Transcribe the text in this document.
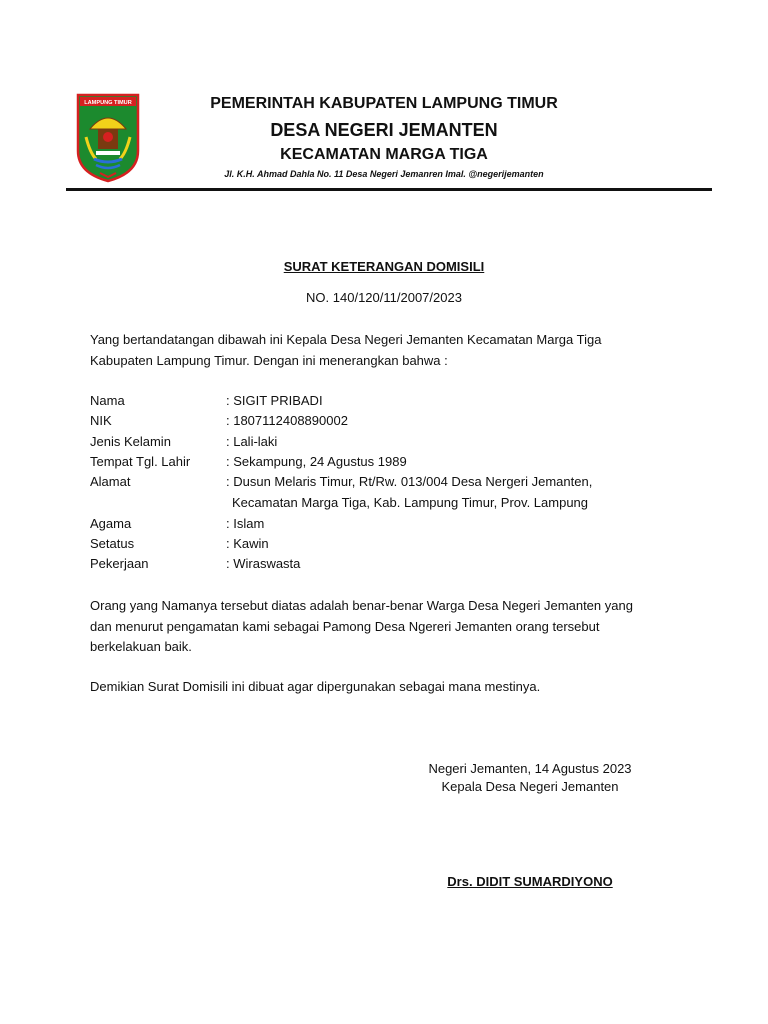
LAMPUNG TIMUR	PEMERINTAH KABUPATEN LAMPUNG TIMUR
DESA NEGERI JEMANTEN
KECAMATAN MARGA TIGA
Jl. K.H. Ahmad Dahla No. 11 Desa Negeri Jemanren Imal. @negerijemanten
SURAT KETERANGAN DOMISILI
NO. 140/120/11/2007/2023
Yang bertandatangan dibawah ini Kepala Desa Negeri Jemanten Kecamatan Marga Tiga
Kabupaten Lampung Timur. Dengan ini menerangkan bahwa :
Nama	: SIGIT PRIBADI
NIK	: 1807112408890002
Jenis Kelamin	: Lali-laki
Tempat Tgl. Lahir	: Sekampung, 24 Agustus 1989
Alamat	: Dusun Melaris Timur, Rt/Rw. 013/004 Desa Nergeri Jemanten,
Kecamatan Marga Tiga, Kab. Lampung Timur, Prov. Lampung
Agama	: Islam
Setatus	: Kawin
Pekerjaan	: Wiraswasta
Orang yang Namanya tersebut diatas adalah benar-benar Warga Desa Negeri Jemanten yang
dan menurut pengamatan kami sebagai Pamong Desa Ngereri Jemanten orang tersebut
berkelakuan baik.
Demikian Surat Domisili ini dibuat agar dipergunakan sebagai mana mestinya.
Negeri Jemanten, 14 Agustus 2023
Kepala Desa Negeri Jemanten
Drs. DIDIT SUMARDIYONO
